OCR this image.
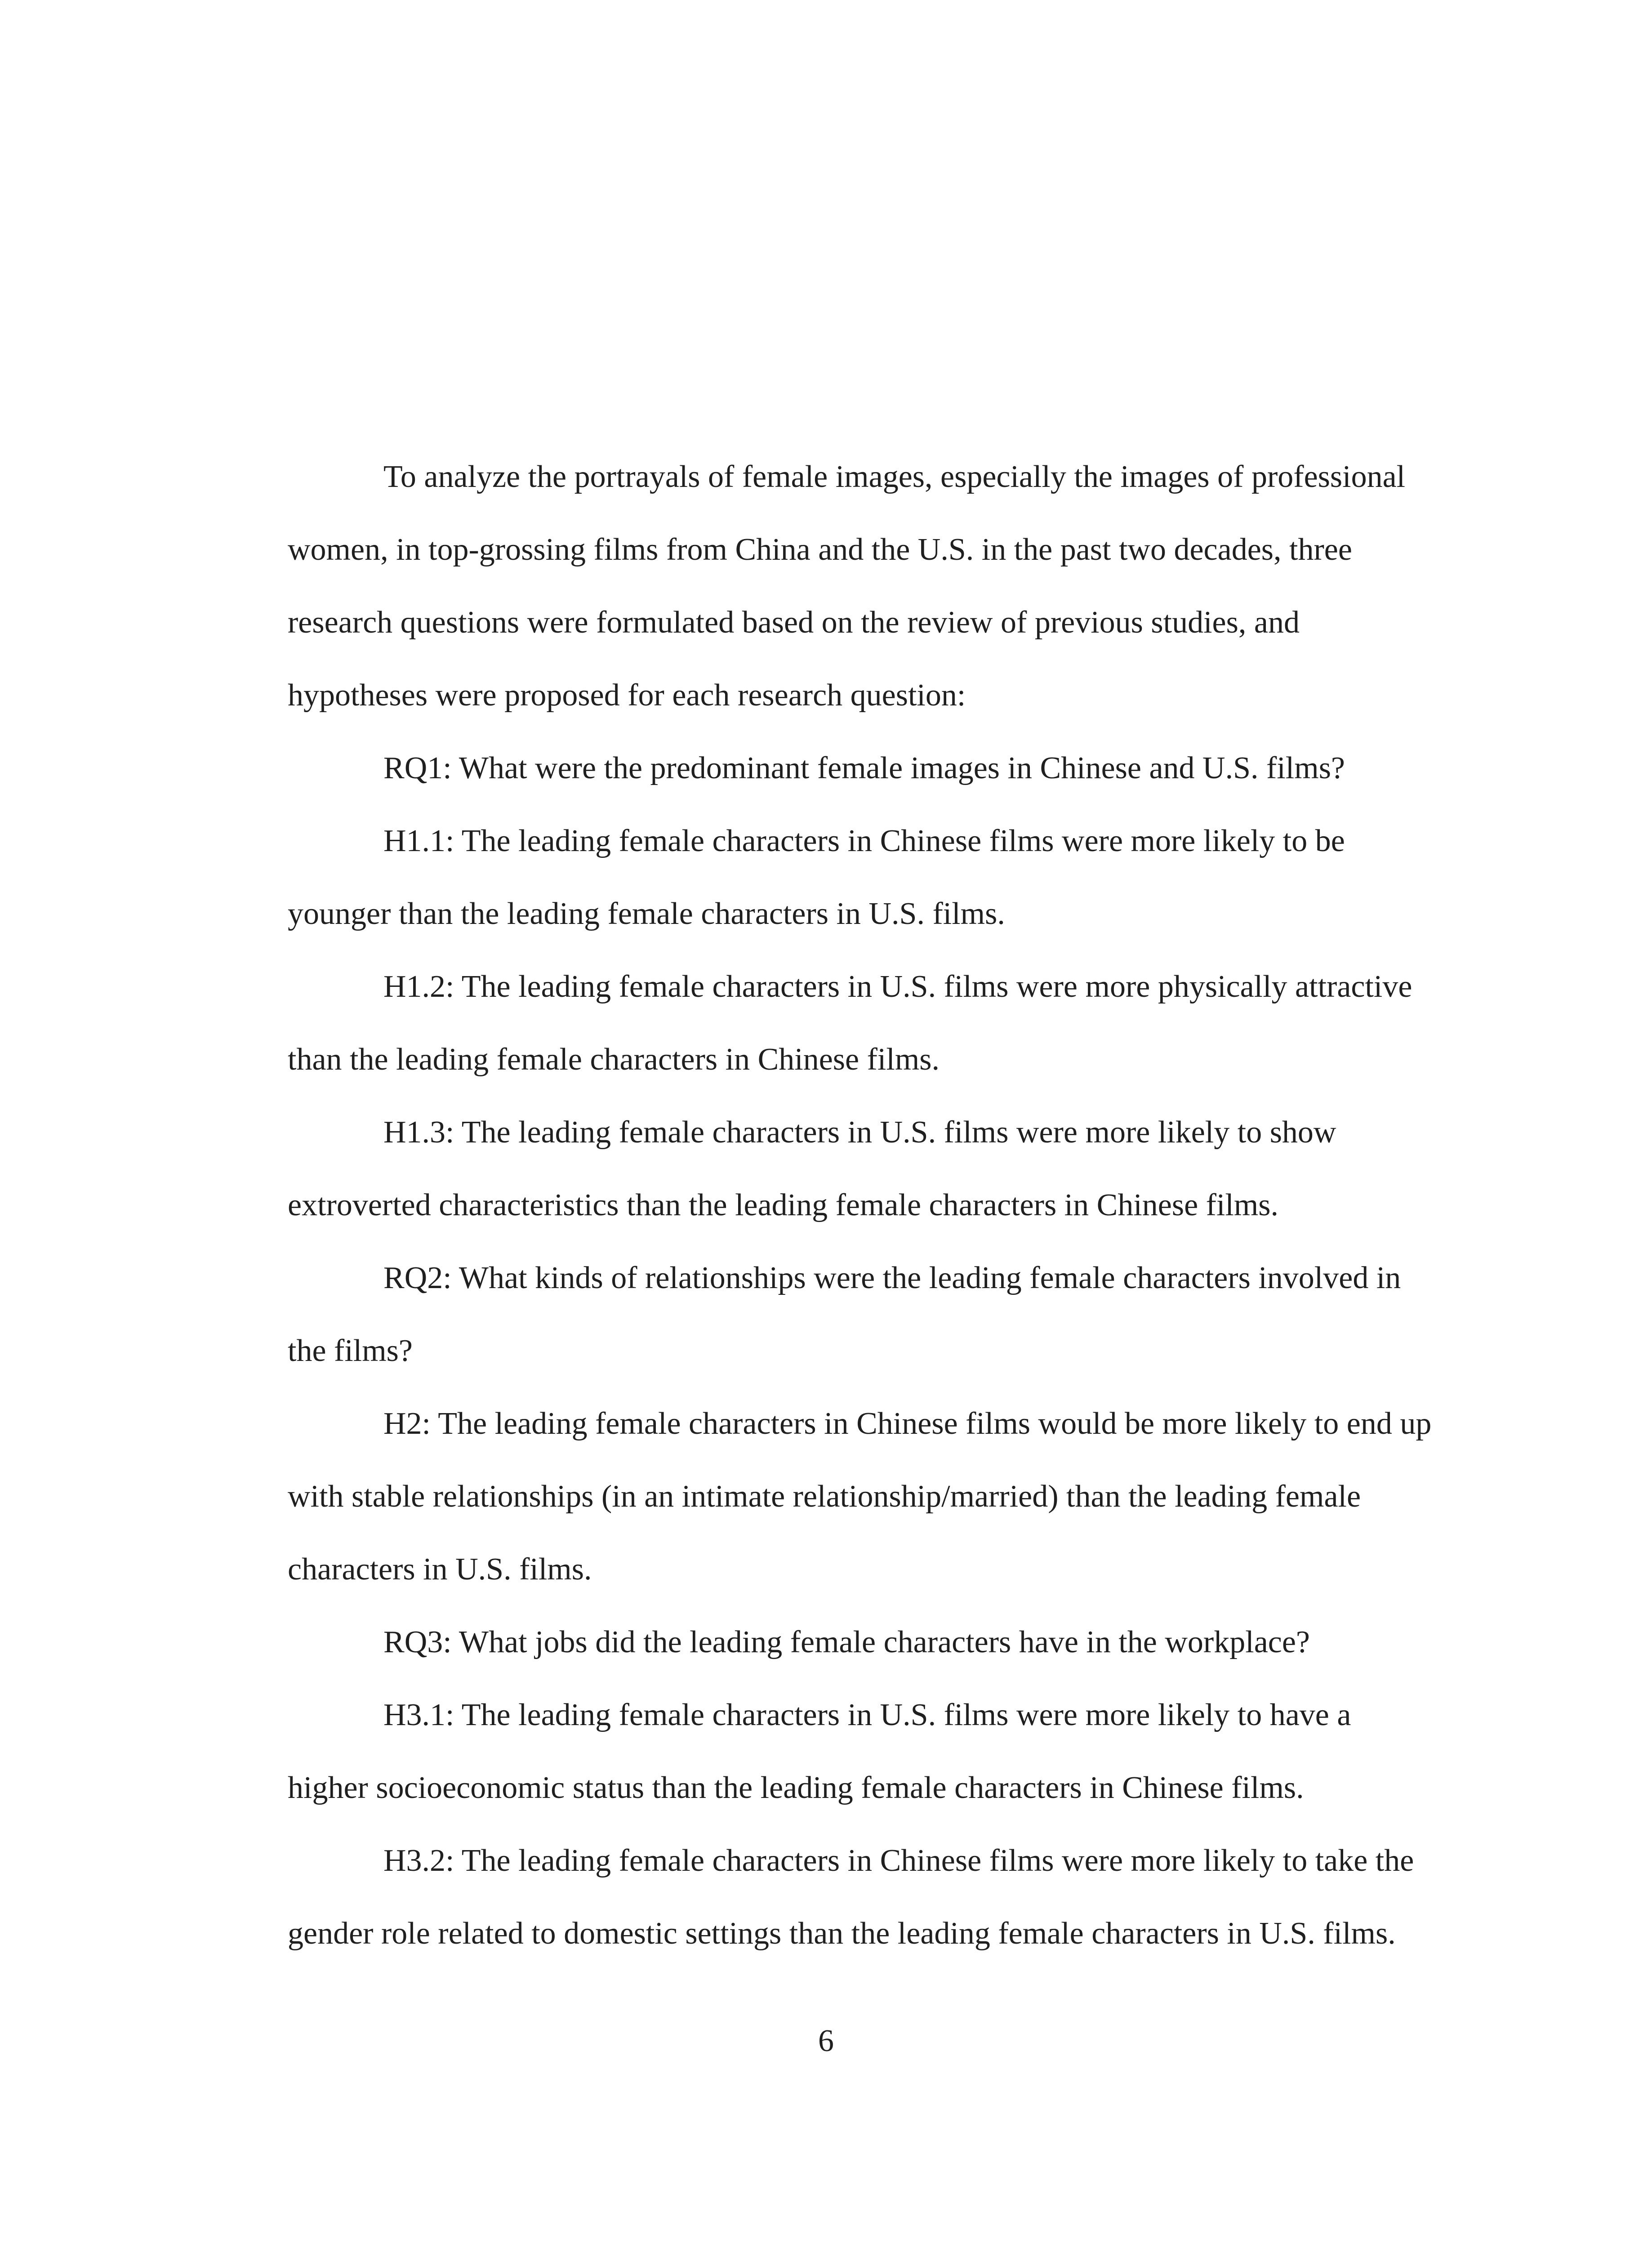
To analyze the portrayals of female images, especially the images of professional women, in top-grossing films from China and the U.S. in the past two decades, three research questions were formulated based on the review of previous studies, and hypotheses were proposed for each research question:

RQ1: What were the predominant female images in Chinese and U.S. films?

H1.1: The leading female characters in Chinese films were more likely to be younger than the leading female characters in U.S. films.

H1.2: The leading female characters in U.S. films were more physically attractive than the leading female characters in Chinese films.

H1.3: The leading female characters in U.S. films were more likely to show extroverted characteristics than the leading female characters in Chinese films.

RQ2: What kinds of relationships were the leading female characters involved in the films?

H2: The leading female characters in Chinese films would be more likely to end up with stable relationships (in an intimate relationship/married) than the leading female characters in U.S. films.

RQ3: What jobs did the leading female characters have in the workplace?

H3.1: The leading female characters in U.S. films were more likely to have a higher socioeconomic status than the leading female characters in Chinese films.

H3.2: The leading female characters in Chinese films were more likely to take the gender role related to domestic settings than the leading female characters in U.S. films.

6
